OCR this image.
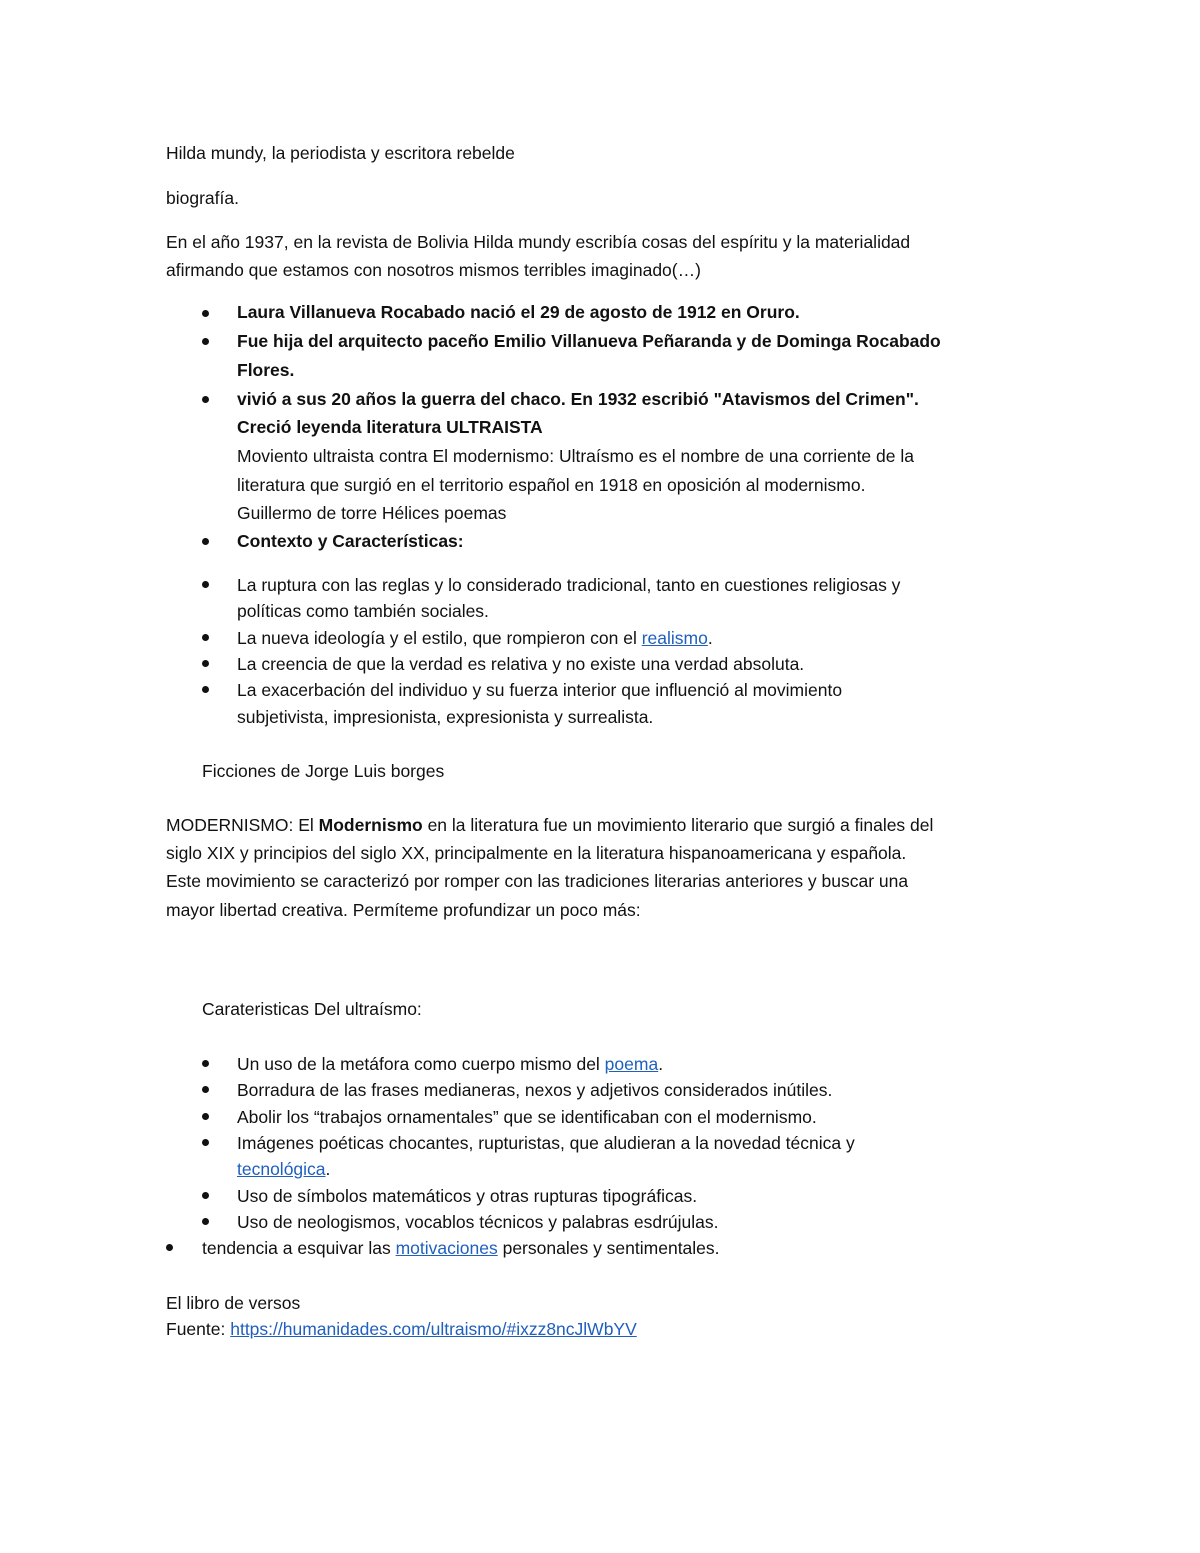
Hilda mundy, la periodista y escritora rebelde
biografía.
En el año 1937, en la revista de Bolivia Hilda mundy escribía cosas del espíritu y la materialidad
afirmando que estamos con nosotros mismos terribles imaginado(…)
Laura Villanueva Rocabado nació el 29 de agosto de 1912 en Oruro.
Fue hija del arquitecto paceño Emilio Villanueva Peñaranda y de Dominga Rocabado
Flores.
vivió a sus 20 años la guerra del chaco. En 1932 escribió "Atavismos del Crimen".
Creció leyenda literatura ULTRAISTA
Moviento ultraista contra El modernismo: Ultraísmo es el nombre de una corriente de la
literatura que surgió en el territorio español en 1918 en oposición al modernismo.
Guillermo de torre Hélices poemas
Contexto y Características:
La ruptura con las reglas y lo considerado tradicional, tanto en cuestiones religiosas y
políticas como también sociales.
La nueva ideología y el estilo, que rompieron con el realismo.
La creencia de que la verdad es relativa y no existe una verdad absoluta.
La exacerbación del individuo y su fuerza interior que influenció al movimiento
subjetivista, impresionista, expresionista y surrealista.
Ficciones de Jorge Luis borges
MODERNISMO: El Modernismo en la literatura fue un movimiento literario que surgió a finales del
siglo XIX y principios del siglo XX, principalmente en la literatura hispanoamericana y española.
Este movimiento se caracterizó por romper con las tradiciones literarias anteriores y buscar una
mayor libertad creativa. Permíteme profundizar un poco más:
Carateristicas Del ultraísmo:
Un uso de la metáfora como cuerpo mismo del poema.
Borradura de las frases medianeras, nexos y adjetivos considerados inútiles.
Abolir los “trabajos ornamentales” que se identificaban con el modernismo.
Imágenes poéticas chocantes, rupturistas, que aludieran a la novedad técnica y
tecnológica.
Uso de símbolos matemáticos y otras rupturas tipográficas.
Uso de neologismos, vocablos técnicos y palabras esdrújulas.
tendencia a esquivar las motivaciones personales y sentimentales.
El libro de versos
Fuente: https://humanidades.com/ultraismo/#ixzz8ncJlWbYV
